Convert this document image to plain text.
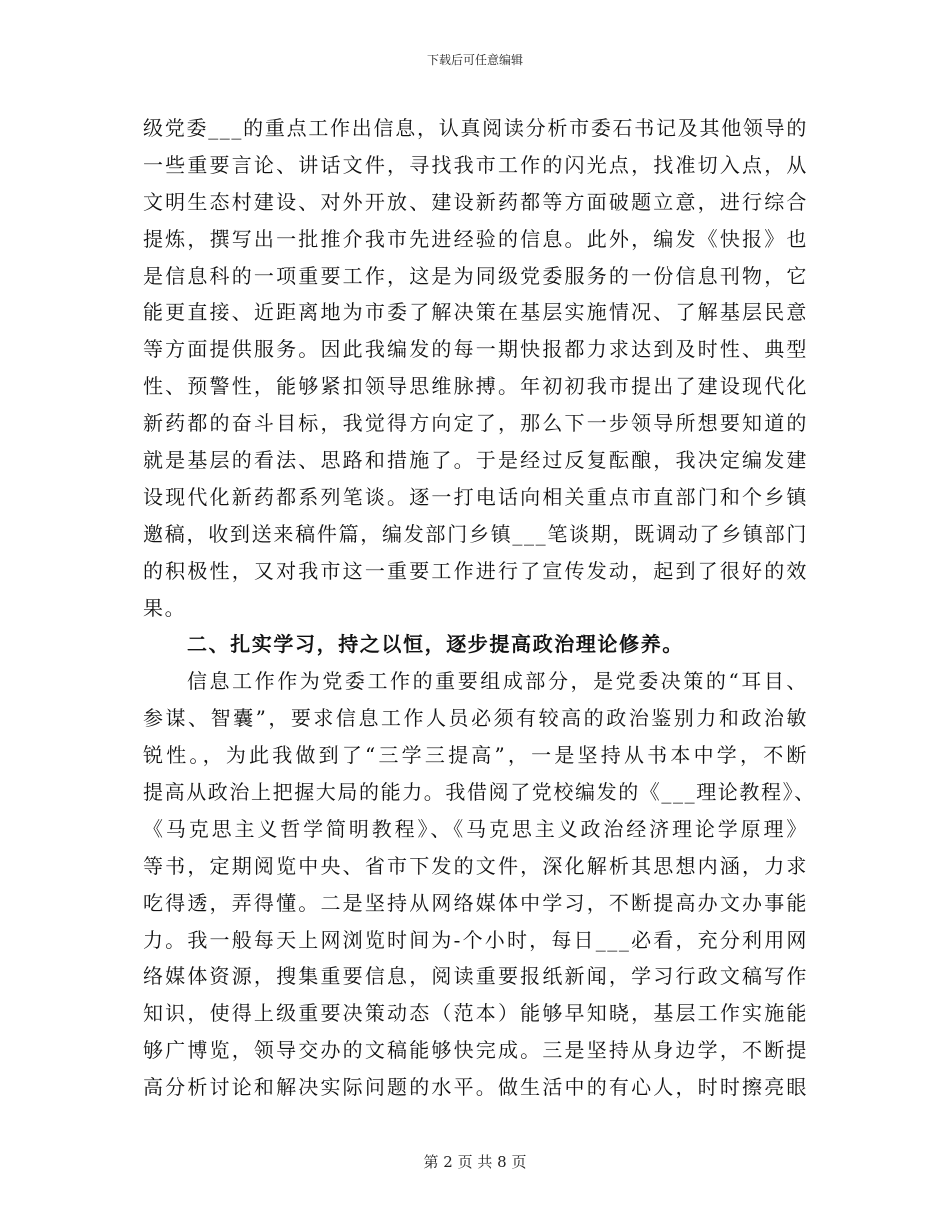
下载后可任意编辑
级党委___的重点工作出信息，认真阅读分析市委石书记及其他领导的
一些重要言论、讲话文件，寻找我市工作的闪光点，找准切入点，从
文明生态村建设、对外开放、建设新药都等方面破题立意，进行综合
提炼，撰写出一批推介我市先进经验的信息。此外，编发《快报》也
是信息科的一项重要工作，这是为同级党委服务的一份信息刊物，它
能更直接、近距离地为市委了解决策在基层实施情况、了解基层民意
等方面提供服务。因此我编发的每一期快报都力求达到及时性、典型
性、预警性，能够紧扣领导思维脉搏。年初初我市提出了建设现代化
新药都的奋斗目标，我觉得方向定了，那么下一步领导所想要知道的
就是基层的看法、思路和措施了。于是经过反复酝酿，我决定编发建
设现代化新药都系列笔谈。逐一打电话向相关重点市直部门和个乡镇
邀稿，收到送来稿件篇，编发部门乡镇___笔谈期，既调动了乡镇部门
的积极性，又对我市这一重要工作进行了宣传发动，起到了很好的效
果。
二、扎实学习，持之以恒，逐步提高政治理论修养。
信息工作作为党委工作的重要组成部分，是党委决策的“耳目、
参谋、智囊”，要求信息工作人员必须有较高的政治鉴别力和政治敏
锐性。，为此我做到了“三学三提高”，一是坚持从书本中学，不断
提高从政治上把握大局的能力。我借阅了党校编发的《___理论教程》、
《马克思主义哲学简明教程》、《马克思主义政治经济理论学原理》
等书，定期阅览中央、省市下发的文件，深化解析其思想内涵，力求
吃得透，弄得懂。二是坚持从网络媒体中学习，不断提高办文办事能
力。我一般每天上网浏览时间为-个小时，每日___必看，充分利用网
络媒体资源，搜集重要信息，阅读重要报纸新闻，学习行政文稿写作
知识，使得上级重要决策动态（范本）能够早知晓，基层工作实施能
够广博览，领导交办的文稿能够快完成。三是坚持从身边学，不断提
高分析讨论和解决实际问题的水平。做生活中的有心人，时时擦亮眼
第 2 页 共 8 页
